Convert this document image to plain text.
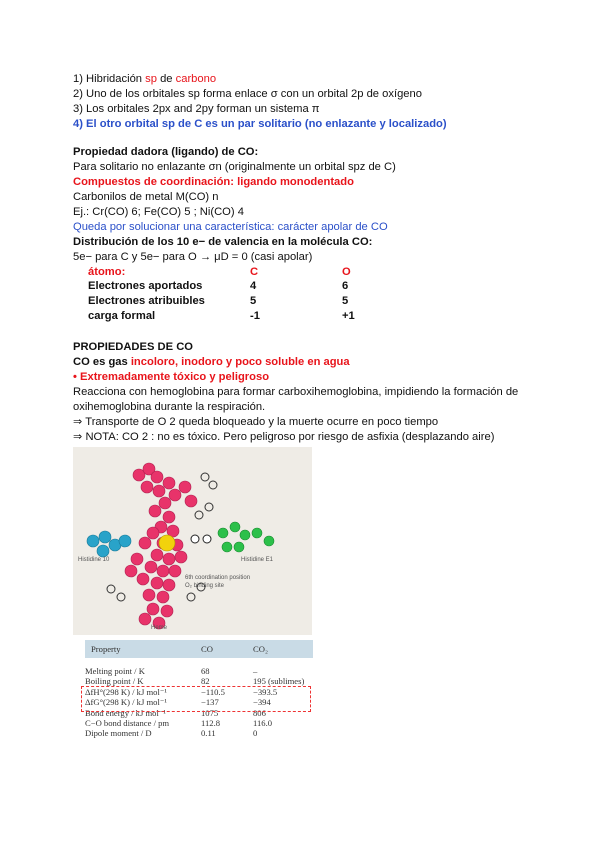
1) Hibridación sp de carbono
2) Uno de los orbitales sp forma enlace σ con un orbital 2p de oxígeno
3) Los orbitales 2px and 2py forman un sistema π
4) El otro orbital sp de C es un par solitario (no enlazante y localizado)
Propiedad dadora (ligando) de CO:
Para solitario no enlazante σn (originalmente un orbital spz de C)
Compuestos de coordinación: ligando monodentado
Carbonilos de metal M(CO) n
Ej.: Cr(CO) 6; Fe(CO) 5 ; Ni(CO) 4
Queda por solucionar una característica: carácter apolar de CO
Distribución de los 10 e− de valencia en la molécula CO:
5e− para C y 5e− para O → μD = 0 (casi apolar)
átomo:	C	O
Electrones aportados	4	6
Electrones atribuibles	5	5
carga formal	-1	+1
PROPIEDADES DE CO
CO es gas incoloro, inodoro y poco soluble en agua
• Extremadamente tóxico y peligroso
Reacciona con hemoglobina para formar carboxihemoglobina, impidiendo la formación de
oxihemoglobina durante la respiración.
⇒ Transporte de O 2 queda bloqueado y la muerte ocurre en poco tiempo
⇒ NOTA: CO 2 : no es tóxico. Pero peligroso por riesgo de asfixia (desplazando aire)
Histidine 10	Histidine E1
6th coordination position
O₂ binding site
Heme
Property	CO	CO₂
Melting point / K	68	–
Boiling point / K	82	195 (sublimes)
ΔfH°(298 K) / kJ mol⁻¹	−110.5	−393.5
ΔfG°(298 K) / kJ mol⁻¹	−137	−394
Bond energy / kJ mol⁻¹	1075	806
C−O bond distance / pm	112.8	116.0
Dipole moment / D	0.11	0
